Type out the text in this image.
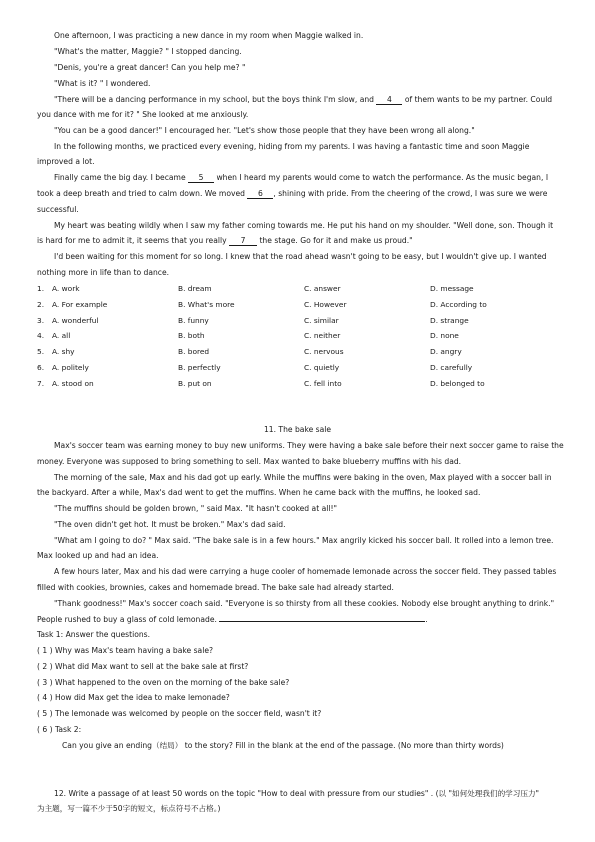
One afternoon, I was practicing a new dance in my room when Maggie walked in.
"What's the matter, Maggie? " I stopped dancing.
"Denis, you're a great dancer! Can you help me? "
"What is it? " I wondered.
"There will be a dancing performance in my school, but the boys think I'm slow, and 4 of them wants to be my partner. Could
you dance with me for it? " She looked at me anxiously.
"You can be a good dancer!" I encouraged her. "Let's show those people that they have been wrong all along."
In the following months, we practiced every evening, hiding from my parents. I was having a fantastic time and soon Maggie
improved a lot.
Finally came the big day. I became 5 when I heard my parents would come to watch the performance. As the music began, I
took a deep breath and tried to calm down. We moved 6 , shining with pride. From the cheering of the crowd, I was sure we were
successful.
My heart was beating wildly when I saw my father coming towards me. He put his hand on my shoulder. "Well done, son. Though it
is hard for me to admit it, it seems that you really 7 the stage. Go for it and make us proud."
I'd been waiting for this moment for so long. I knew that the road ahead wasn't going to be easy, but I wouldn't give up. I wanted
nothing more in life than to dance.
1. A. work	B. dream	C. answer	D. message
2. A. For example	B. What's more	C. However	D. According to
3. A. wonderful	B. funny	C. similar	D. strange
4. A. all	B. both	C. neither	D. none
5. A. shy	B. bored	C. nervous	D. angry
6. A. politely	B. perfectly	C. quietly	D. carefully
7. A. stood on	B. put on	C. fell into	D. belonged to
11. The bake sale
Max's soccer team was earning money to buy new uniforms. They were having a bake sale before their next soccer game to raise the
money. Everyone was supposed to bring something to sell. Max wanted to bake blueberry muffins with his dad.
The morning of the sale, Max and his dad got up early. While the muffins were baking in the oven, Max played with a soccer ball in
the backyard. After a while, Max's dad went to get the muffins. When he came back with the muffins, he looked sad.
"The muffins should be golden brown, " said Max. "It hasn't cooked at all!"
"The oven didn't get hot. It must be broken." Max's dad said.
"What am I going to do? " Max said. "The bake sale is in a few hours." Max angrily kicked his soccer ball. It rolled into a lemon tree.
Max looked up and had an idea.
A few hours later, Max and his dad were carrying a huge cooler of homemade lemonade across the soccer field. They passed tables
filled with cookies, brownies, cakes and homemade bread. The bake sale had already started.
"Thank goodness!" Max's soccer coach said. "Everyone is so thirsty from all these cookies. Nobody else brought anything to drink."
People rushed to buy a glass of cold lemonade.	.
Task 1: Answer the questions.
( 1 ) Why was Max's team having a bake sale?
( 2 ) What did Max want to sell at the bake sale at first?
( 3 ) What happened to the oven on the morning of the bake sale?
( 4 ) How did Max get the idea to make lemonade?
( 5 ) The lemonade was welcomed by people on the soccer field, wasn't it?
( 6 ) Task 2:
Can you give an ending（结局） to the story? Fill in the blank at the end of the passage. (No more than thirty words)
12. Write a passage of at least 50 words on the topic "How to deal with pressure from our studies" . (以 "如何处理我们的学习压力"
为主题，写一篇不少于50字的短文，标点符号不占格。)
